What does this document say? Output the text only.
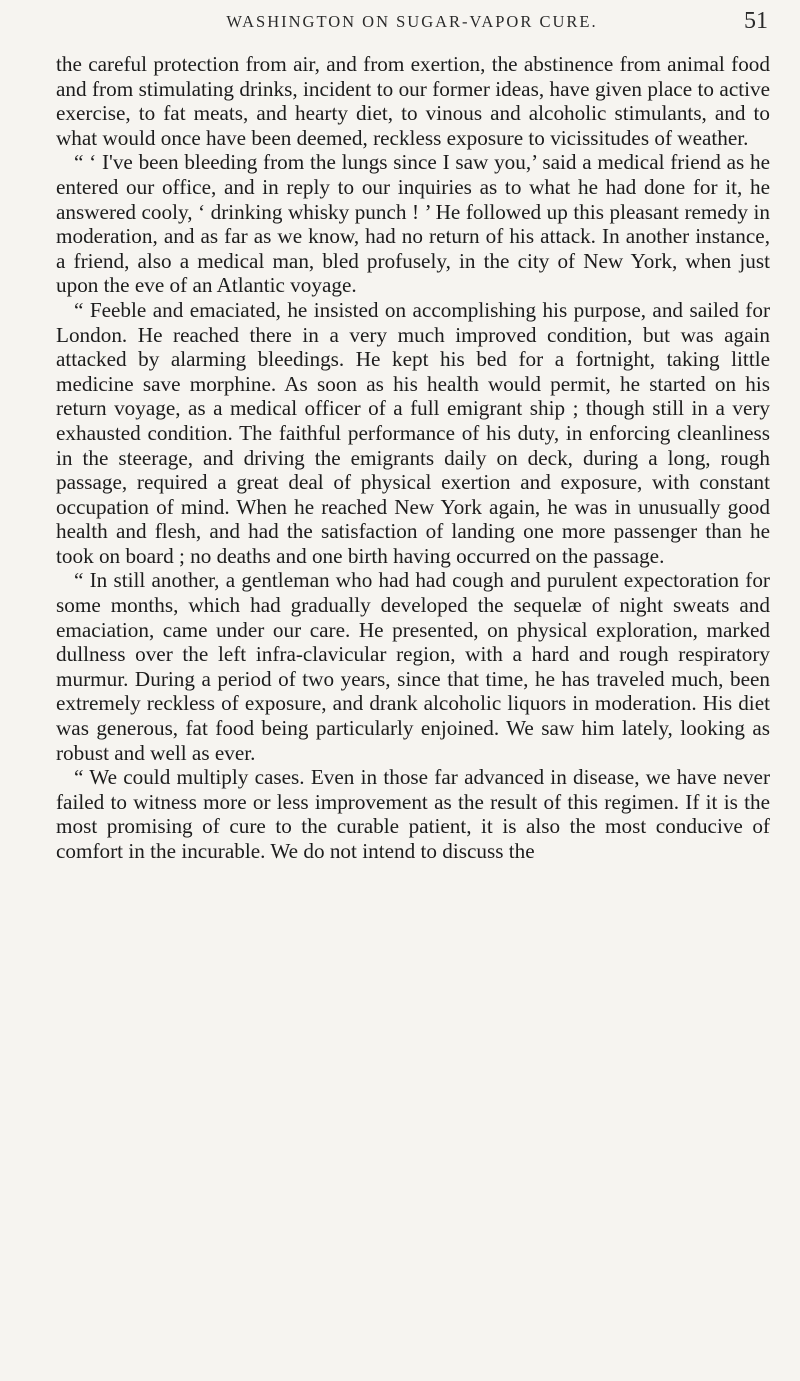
WASHINGTON ON SUGAR-VAPOR CURE.	51

the careful protection from air, and from exertion, the abstinence from animal food and from stimulating drinks, incident to our former ideas, have given place to active exercise, to fat meats, and hearty diet, to vinous and alcoholic stimulants, and to what would once have been deemed, reckless exposure to vicissitudes of weather.

“ ‘ I've been bleeding from the lungs since I saw you,’ said a medical friend as he entered our office, and in reply to our inquiries as to what he had done for it, he answered cooly, ‘ drinking whisky punch ! ’ He followed up this pleasant remedy in moderation, and as far as we know, had no return of his attack. In another instance, a friend, also a medical man, bled profusely, in the city of New York, when just upon the eve of an Atlantic voyage.

“ Feeble and emaciated, he insisted on accomplishing his purpose, and sailed for London. He reached there in a very much improved condition, but was again attacked by alarming bleedings. He kept his bed for a fortnight, taking little medicine save morphine. As soon as his health would permit, he started on his return voyage, as a medical officer of a full emigrant ship ; though still in a very exhausted condition. The faithful performance of his duty, in enforcing cleanliness in the steerage, and driving the emigrants daily on deck, during a long, rough passage, required a great deal of physical exertion and exposure, with constant occupation of mind. When he reached New York again, he was in unusually good health and flesh, and had the satisfaction of landing one more passenger than he took on board ; no deaths and one birth having occurred on the passage.

“ In still another, a gentleman who had had cough and purulent expectoration for some months, which had gradually developed the sequelæ of night sweats and emaciation, came under our care. He presented, on physical exploration, marked dullness over the left infra-clavicular region, with a hard and rough respiratory murmur. During a period of two years, since that time, he has traveled much, been extremely reckless of exposure, and drank alcoholic liquors in moderation. His diet was generous, fat food being particularly enjoined. We saw him lately, looking as robust and well as ever.

“ We could multiply cases. Even in those far advanced in disease, we have never failed to witness more or less improvement as the result of this regimen. If it is the most promising of cure to the curable patient, it is also the most conducive of comfort in the incurable. We do not intend to discuss the
